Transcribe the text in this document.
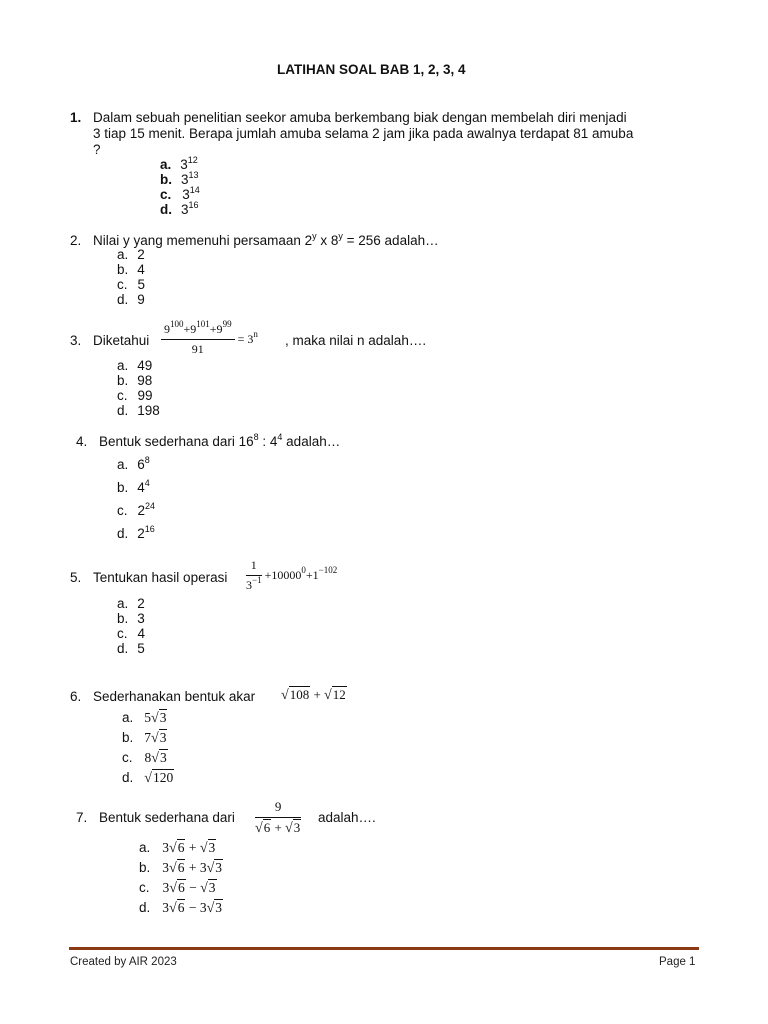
LATIHAN SOAL BAB 1, 2, 3, 4
1. Dalam sebuah penelitian seekor amuba berkembang biak dengan membelah diri menjadi
3 tiap 15 menit. Berapa jumlah amuba selama 2 jam jika pada awalnya terdapat 81 amuba
?
a. $3^{12}$
b. $3^{13}$
c. $3^{14}$
d. $3^{16}$
2. Nilai y yang memenuhi persamaan 2$^y$ x $8^y = 256$ adalah…
a. 2
b. 4
c. 5
d. 9
3. Diketahui $\frac{9^{100}+9^{101}+9^{99}}{91} = 3^n$ , maka nilai n adalah….
a. 49
b. 98
c. 99
d. 198
4. Bentuk sederhana dari $16^8$ : $4^4$ adalah…
a. $6^8$
b. $4^4$
c. $2^{24}$
d. $2^{16}$
5. Tentukan hasil operasi $\frac{1}{3^{-1}} +10000^0+1^{-102}$
a. 2
b. 3
c. 4
d. 5
6. Sederhanakan bentuk akar √108 + √12
a. 5√3
b. 7√3
c. 8√3
d. √120
7. Bentuk sederhana dari $\frac{9}{√6 + √3}$ adalah….
a. 3√6 + √3
b. 3√6 + 3√3
c. 3√6 − √3
d. 3√6 − 3√3
Created by AIR 2023	Page 1
